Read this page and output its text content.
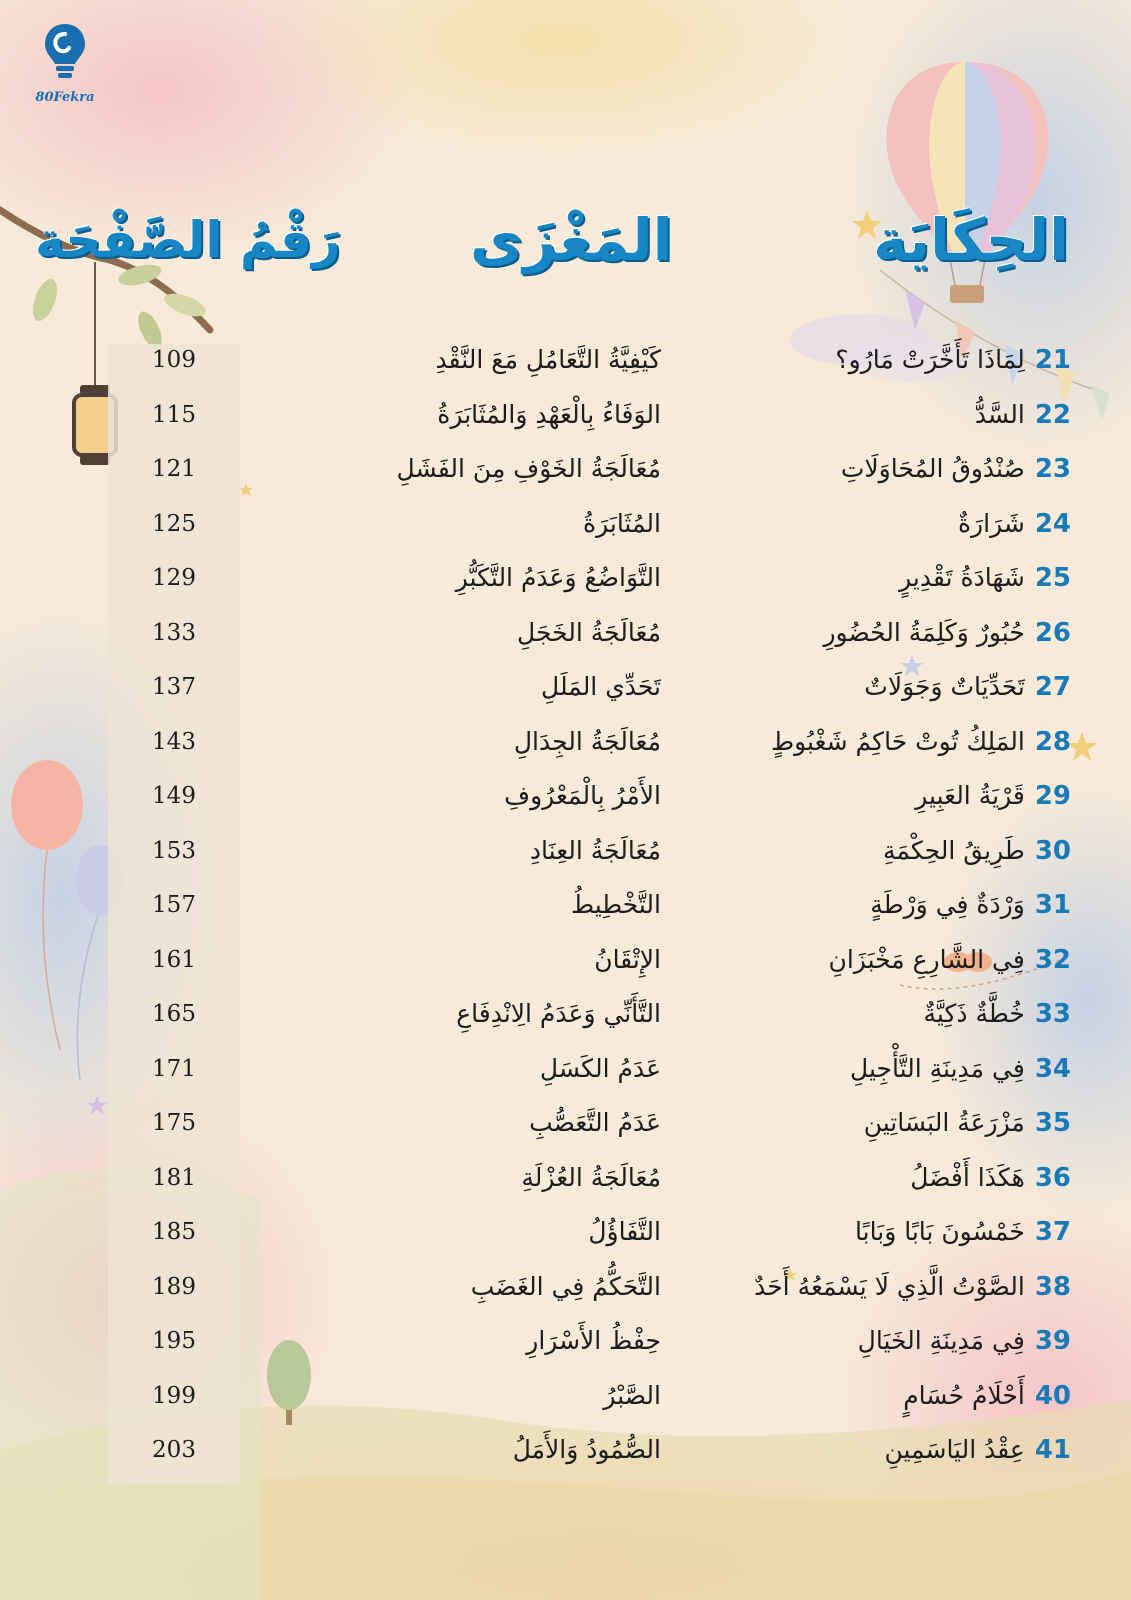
80Fekra
الحِكَايَة
المَغْزَى
رَقْمُ الصَّفْحَة
21لِمَاذَا تَأَخَّرَتْ مَارُو؟
كَيْفِيَّةُ التَّعَامُلِ مَعَ النَّقْدِ
109
22السَّدُّ
الوَفَاءُ بِالْعَهْدِ وَالمُثَابَرَةُ
115
23صُنْدُوقُ المُحَاوَلَاتِ
مُعَالَجَةُ الخَوْفِ مِنَ الفَشَلِ
121
24شَرَارَةٌ
المُثَابَرَةُ
125
25شَهَادَةُ تَقْدِيرٍ
التَّوَاضُعُ وَعَدَمُ التَّكَبُّرِ
129
26حُبُورٌ وَكَلِمَةُ الحُضُورِ
مُعَالَجَةُ الخَجَلِ
133
27تَحَدِّيَاتٌ وَجَوَلَاتٌ
تَحَدِّي المَلَلِ
137
28المَلِكُ تُوتْ حَاكِمُ شَغْبُوطٍ
مُعَالَجَةُ الجِدَالِ
143
29قَرْيَةُ العَبِيرِ
الأَمْرُ بِالْمَعْرُوفِ
149
30طَرِيقُ الحِكْمَةِ
مُعَالَجَةُ العِنَادِ
153
31وَرْدَةٌ فِي وَرْطَةٍ
التَّخْطِيطُ
157
32فِي الشَّارِعِ مَخْبَزَانِ
الإِتْقَانُ
161
33خُطَّةٌ ذَكِيَّةٌ
التَّأَنِّي وَعَدَمُ الِانْدِفَاعِ
165
34فِي مَدِينَةِ التَّأْجِيلِ
عَدَمُ الكَسَلِ
171
35مَزْرَعَةُ البَسَاتِينِ
عَدَمُ التَّعَصُّبِ
175
36هَكَذَا أَفْضَلُ
مُعَالَجَةُ العُزْلَةِ
181
37خَمْسُونَ بَابًا وَبَابًا
التَّفَاؤُلُ
185
38الصَّوْتُ الَّذِي لَا يَسْمَعُهُ أَحَدٌ
التَّحَكُّمُ فِي الغَضَبِ
189
39فِي مَدِينَةِ الخَيَالِ
حِفْظُ الأَسْرَارِ
195
40أَحْلَامُ حُسَامٍ
الصَّبْرُ
199
41عِقْدُ اليَاسَمِينِ
الصُّمُودُ وَالأَمَلُ
203
